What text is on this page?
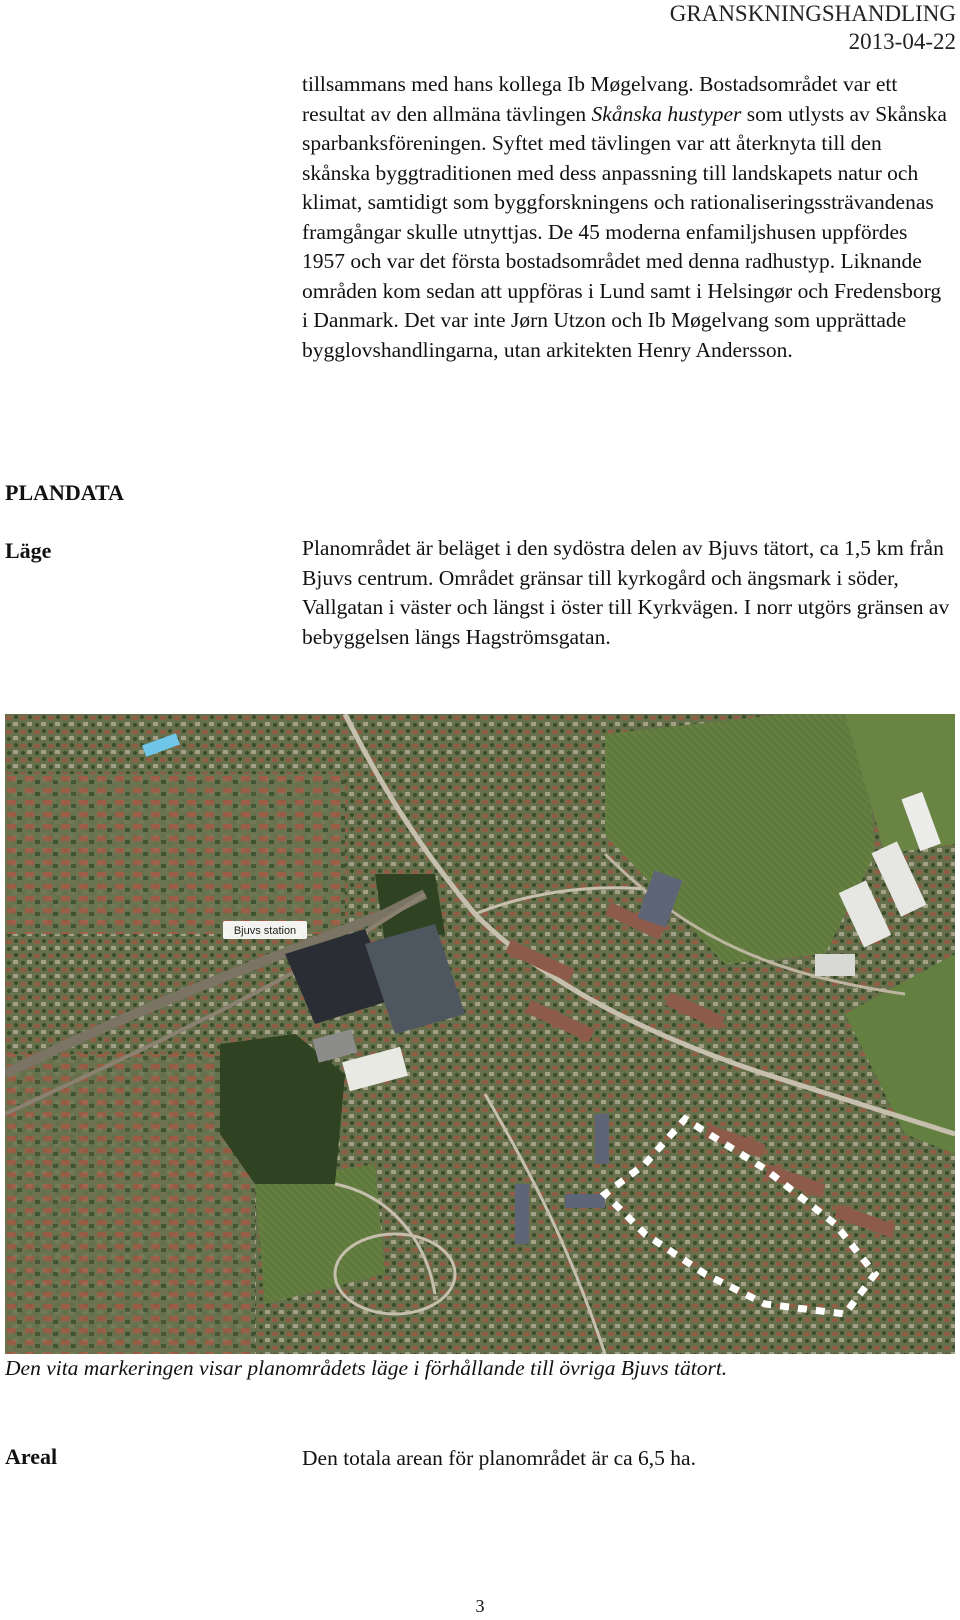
GRANSKNINGSHANDLING
2013-04-22

tillsammans med hans kollega Ib Møgelvang. Bostadsområdet var ett resultat av den allmäna tävlingen Skånska hustyper som utlysts av Skånska sparbanksföreningen. Syftet med tävlingen var att återknyta till den skånska byggtraditionen med dess anpassning till landskapets natur och klimat, samtidigt som byggforskningens och rationaliseringssträvandenas framgångar skulle utnyttjas. De 45 moderna enfamiljshusen uppfördes 1957 och var det första bostadsområdet med denna radhustyp. Liknande områden kom sedan att uppföras i Lund samt i Helsingør och Fredensborg i Danmark. Det var inte Jørn Utzon och Ib Møgelvang som upprättade bygglovshandlingarna, utan arkitekten Henry Andersson.

PLANDATA
Läge	Planområdet är beläget i den sydöstra delen av Bjuvs tätort, ca 1,5 km från Bjuvs centrum. Området gränsar till kyrkogård och ängsmark i söder, Vallgatan i väster och längst i öster till Kyrkvägen. I norr utgörs gränsen av bebyggelsen längs Hagströmsgatan.

Bjuvs station
Den vita markeringen visar planområdets läge i förhållande till övriga Bjuvs tätort.
Areal	Den totala arean för planområdet är ca 6,5 ha.

3
